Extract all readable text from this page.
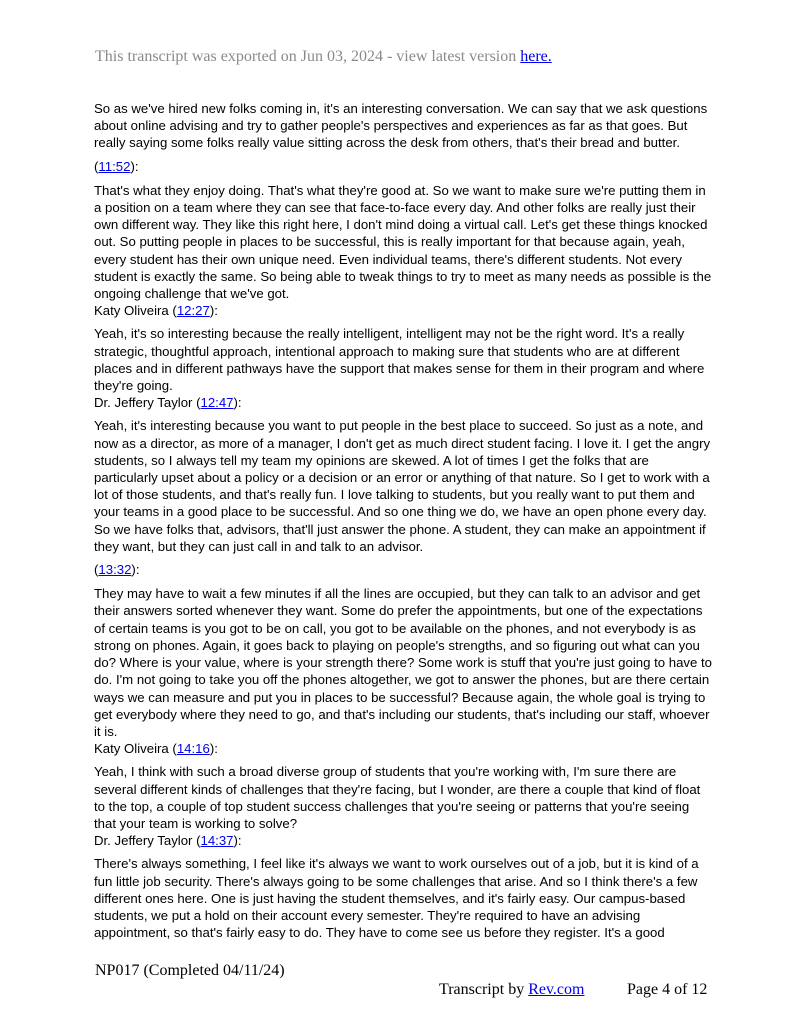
This transcript was exported on Jun 03, 2024 - view latest version here.

So as we've hired new folks coming in, it's an interesting conversation. We can say that we ask questions about online advising and try to gather people's perspectives and experiences as far as that goes. But really saying some folks really value sitting across the desk from others, that's their bread and butter.

(11:52):

That's what they enjoy doing. That's what they're good at. So we want to make sure we're putting them in a position on a team where they can see that face-to-face every day. And other folks are really just their own different way. They like this right here, I don't mind doing a virtual call. Let's get these things knocked out. So putting people in places to be successful, this is really important for that because again, yeah, every student has their own unique need. Even individual teams, there's different students. Not every student is exactly the same. So being able to tweak things to try to meet as many needs as possible is the ongoing challenge that we've got.

Katy Oliveira (12:27):

Yeah, it's so interesting because the really intelligent, intelligent may not be the right word. It's a really strategic, thoughtful approach, intentional approach to making sure that students who are at different places and in different pathways have the support that makes sense for them in their program and where they're going.

Dr. Jeffery Taylor (12:47):

Yeah, it's interesting because you want to put people in the best place to succeed. So just as a note, and now as a director, as more of a manager, I don't get as much direct student facing. I love it. I get the angry students, so I always tell my team my opinions are skewed. A lot of times I get the folks that are particularly upset about a policy or a decision or an error or anything of that nature. So I get to work with a lot of those students, and that's really fun. I love talking to students, but you really want to put them and your teams in a good place to be successful. And so one thing we do, we have an open phone every day. So we have folks that, advisors, that'll just answer the phone. A student, they can make an appointment if they want, but they can just call in and talk to an advisor.

(13:32):

They may have to wait a few minutes if all the lines are occupied, but they can talk to an advisor and get their answers sorted whenever they want. Some do prefer the appointments, but one of the expectations of certain teams is you got to be on call, you got to be available on the phones, and not everybody is as strong on phones. Again, it goes back to playing on people's strengths, and so figuring out what can you do? Where is your value, where is your strength there? Some work is stuff that you're just going to have to do. I'm not going to take you off the phones altogether, we got to answer the phones, but are there certain ways we can measure and put you in places to be successful? Because again, the whole goal is trying to get everybody where they need to go, and that's including our students, that's including our staff, whoever it is.

Katy Oliveira (14:16):

Yeah, I think with such a broad diverse group of students that you're working with, I'm sure there are several different kinds of challenges that they're facing, but I wonder, are there a couple that kind of float to the top, a couple of top student success challenges that you're seeing or patterns that you're seeing that your team is working to solve?

Dr. Jeffery Taylor (14:37):

There's always something, I feel like it's always we want to work ourselves out of a job, but it is kind of a fun little job security. There's always going to be some challenges that arise. And so I think there's a few different ones here. One is just having the student themselves, and it's fairly easy. Our campus-based students, we put a hold on their account every semester. They're required to have an advising appointment, so that's fairly easy to do. They have to come see us before they register. It's a good

NP017 (Completed 04/11/24)
Transcript by Rev.com	Page 4 of 12
